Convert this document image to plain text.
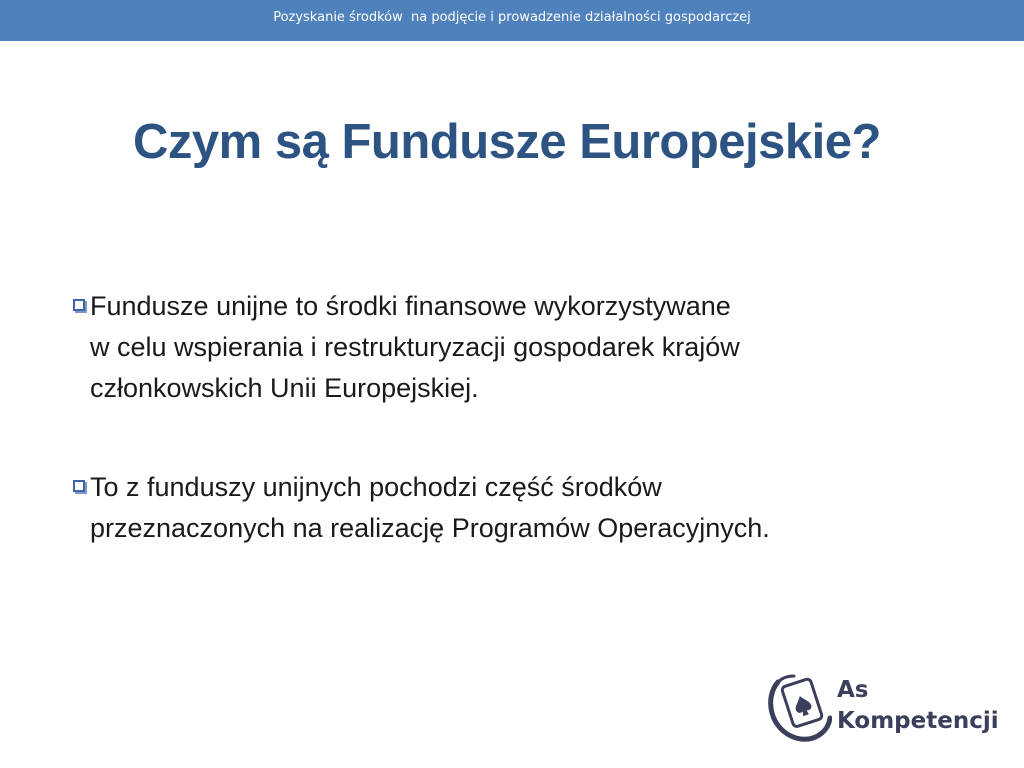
Pozyskanie środków  na podjęcie i prowadzenie działalności gospodarczej
Czym są Fundusze Europejskie?
Fundusze unijne to środki finansowe wykorzystywane
w celu wspierania i restrukturyzacji gospodarek krajów
członkowskich Unii Europejskiej.
To z funduszy unijnych pochodzi część środków
przeznaczonych na realizację Programów Operacyjnych.
As
Kompetencji
